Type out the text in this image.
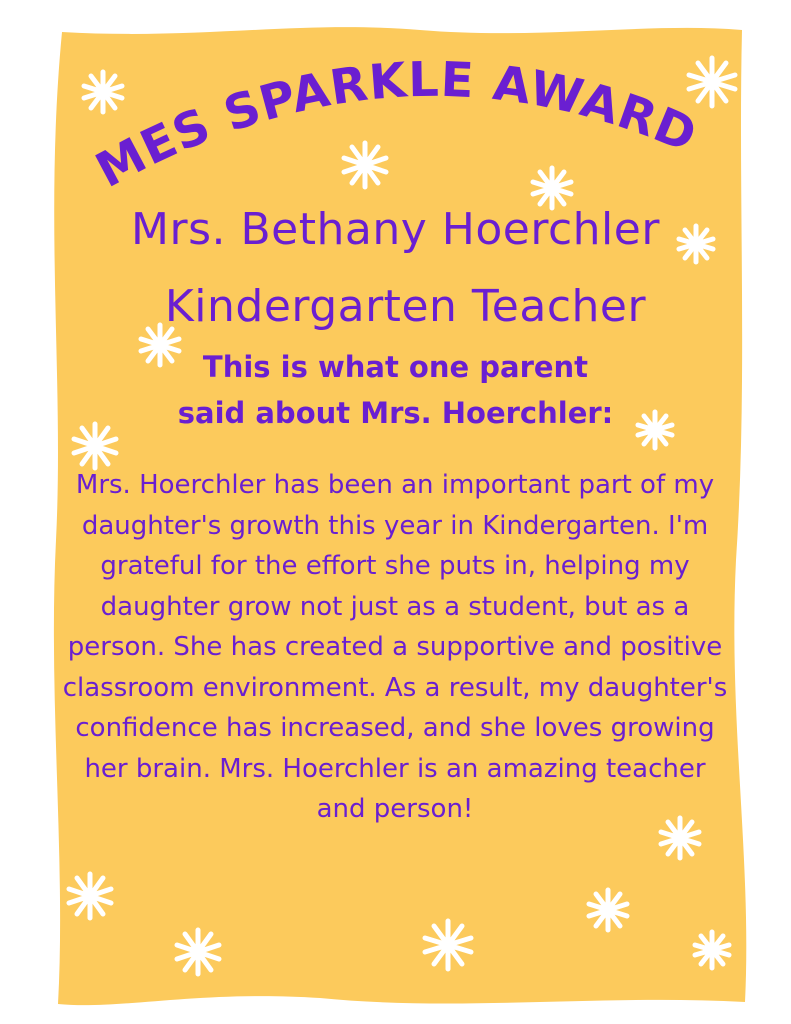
MES SPARKLE AWARD
Mrs. Bethany Hoerchler
Kindergarten Teacher
This is what one parent
said about Mrs. Hoerchler:
Mrs. Hoerchler has been an important part of my daughter's growth this year in Kindergarten. I'm grateful for the effort she puts in, helping my daughter grow not just as a student, but as a person. She has created a supportive and positive classroom environment. As a result, my daughter's confidence has increased, and she loves growing her brain. Mrs. Hoerchler is an amazing teacher and person!
